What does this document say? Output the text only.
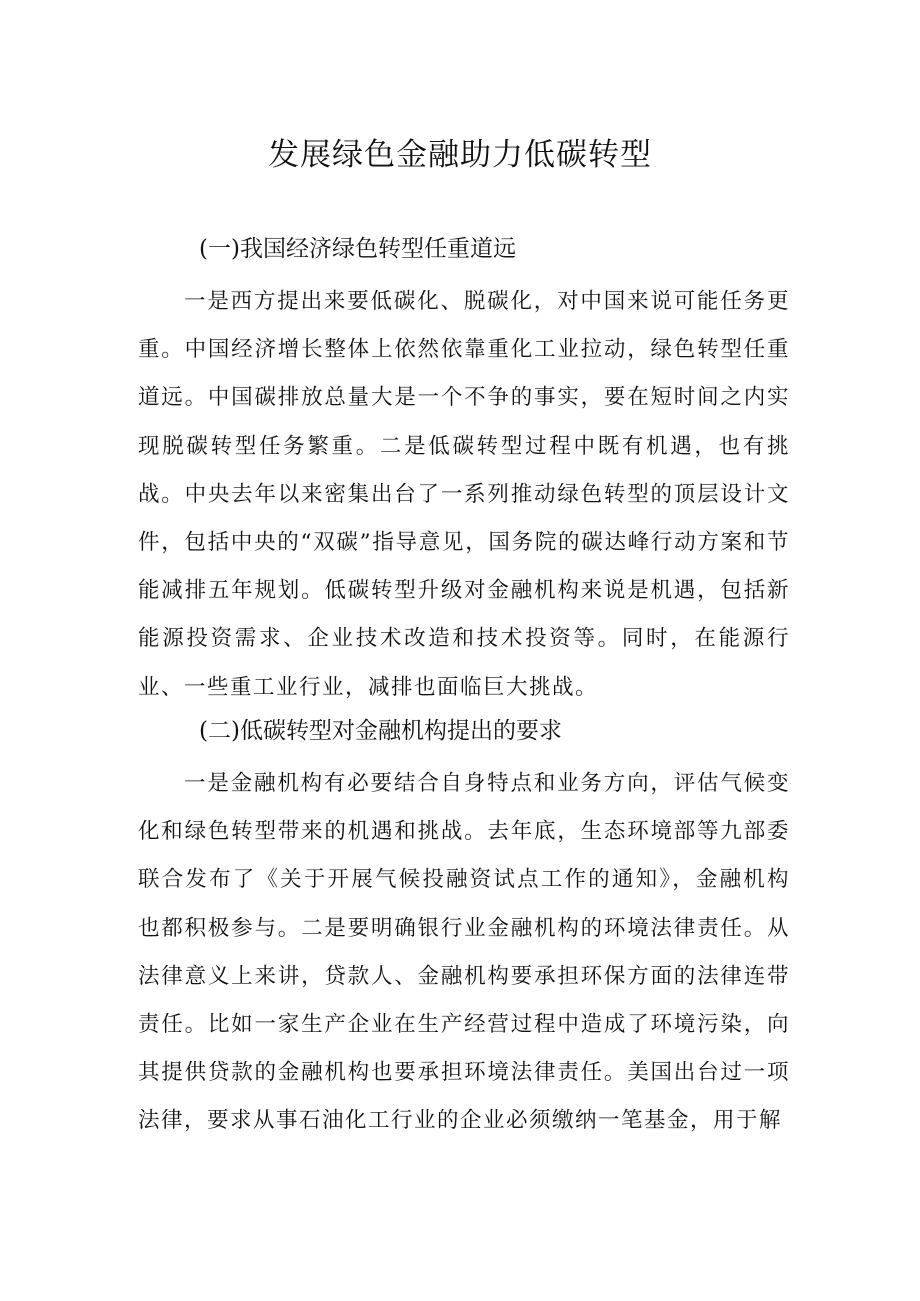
发展绿色金融助力低碳转型
(一)我国经济绿色转型任重道远

一是西方提出来要低碳化、脱碳化，对中国来说可能任务更重。中国经济增长整体上依然依靠重化工业拉动，绿色转型任重道远。中国碳排放总量大是一个不争的事实，要在短时间之内实现脱碳转型任务繁重。二是低碳转型过程中既有机遇，也有挑战。中央去年以来密集出台了一系列推动绿色转型的顶层设计文件，包括中央的“双碳”指导意见，国务院的碳达峰行动方案和节能减排五年规划。低碳转型升级对金融机构来说是机遇，包括新能源投资需求、企业技术改造和技术投资等。同时，在能源行业、一些重工业行业，减排也面临巨大挑战。

(二)低碳转型对金融机构提出的要求

一是金融机构有必要结合自身特点和业务方向，评估气候变化和绿色转型带来的机遇和挑战。去年底，生态环境部等九部委联合发布了《关于开展气候投融资试点工作的通知》，金融机构也都积极参与。二是要明确银行业金融机构的环境法律责任。从法律意义上来讲，贷款人、金融机构要承担环保方面的法律连带责任。比如一家生产企业在生产经营过程中造成了环境污染，向其提供贷款的金融机构也要承担环境法律责任。美国出台过一项法律，要求从事石油化工行业的企业必须缴纳一笔基金，用于解
